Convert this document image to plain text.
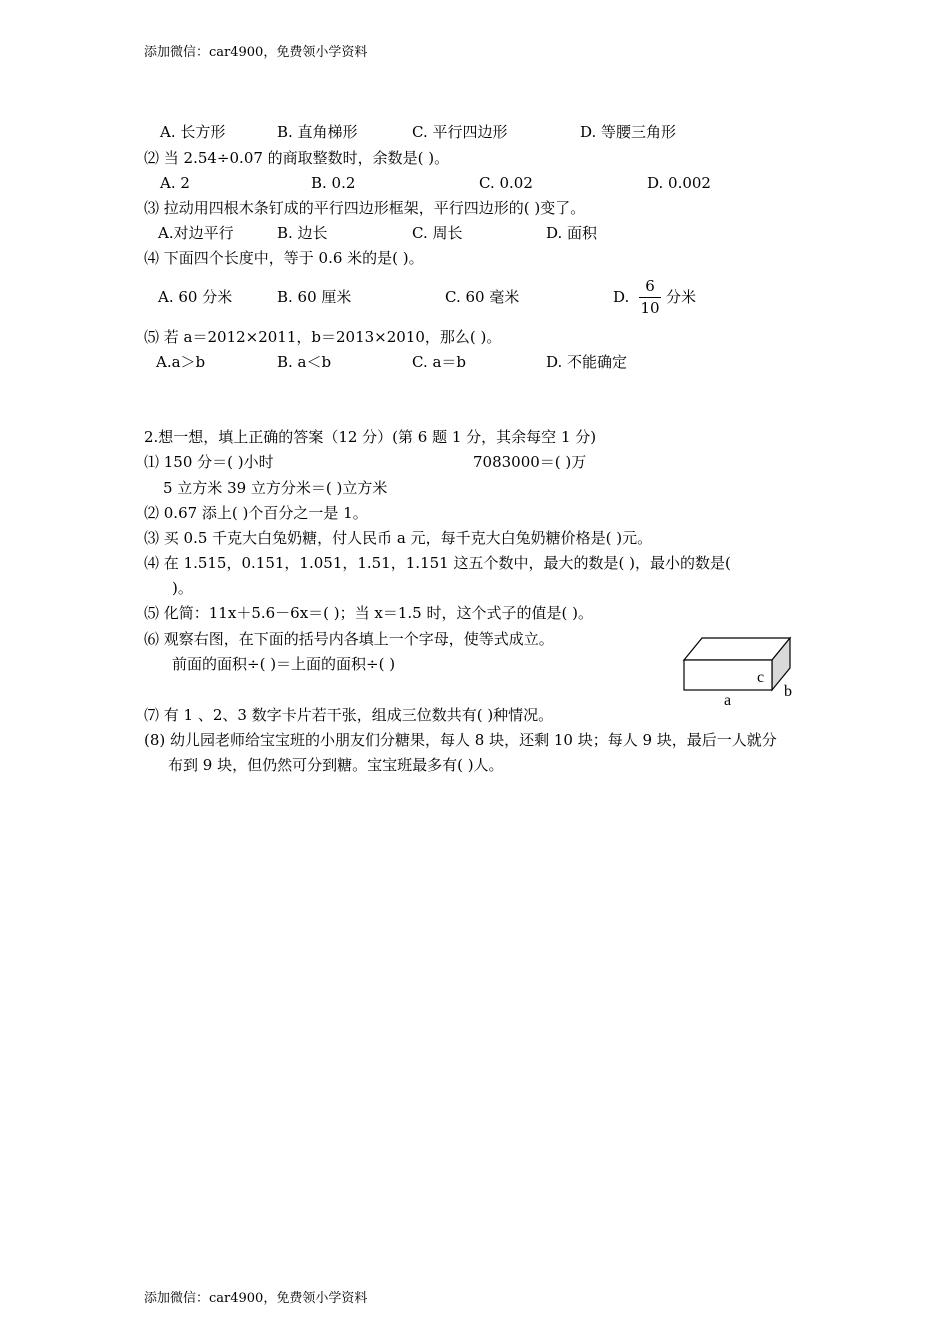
添加微信：car4900，免费领小学资料
A. 长方形	B. 直角梯形	C. 平行四边形	D. 等腰三角形
⑵ 当 2.54÷0.07 的商取整数时，余数是( )。
A. 2	B. 0.2	C. 0.02	D. 0.002
⑶ 拉动用四根木条钉成的平行四边形框架，平行四边形的( )变了。
A.对边平行	B. 边长	C. 周长	D. 面积
⑷ 下面四个长度中，等于 0.6 米的是( )。
A. 60 分米	B. 60 厘米	C. 60 毫米	D.
6
10
分米
⑸ 若 a＝2012×2011，b＝2013×2010，那么( )。
A.a＞b	B. a＜b	C. a＝b	D. 不能确定
2.想一想，填上正确的答案（12 分）(第 6 题 1 分，其余每空 1 分)
⑴ 150 分＝( )小时	7083000＝( )万
5 立方米 39 立方分米＝( )立方米
⑵ 0.67 添上( )个百分之一是 1。
⑶ 买 0.5 千克大白兔奶糖，付人民币 a 元，每千克大白兔奶糖价格是( )元。
⑷ 在 1.515，0.151，1.051，1.51，1.151 这五个数中，最大的数是( )，最小的数是(
)。
⑸ 化简：11x＋5.6－6x＝( )；当 x＝1.5 时，这个式子的值是( )。
⑹ 观察右图，在下面的括号内各填上一个字母，使等式成立。
前面的面积÷( )＝上面的面积÷( )
⑺ 有 1 、2、3 数字卡片若干张，组成三位数共有( )种情况。
(8) 幼儿园老师给宝宝班的小朋友们分糖果，每人 8 块，还剩 10 块；每人 9 块，最后一人就分
布到 9 块，但仍然可分到糖。宝宝班最多有( )人。
a
b
c
添加微信：car4900，免费领小学资料
